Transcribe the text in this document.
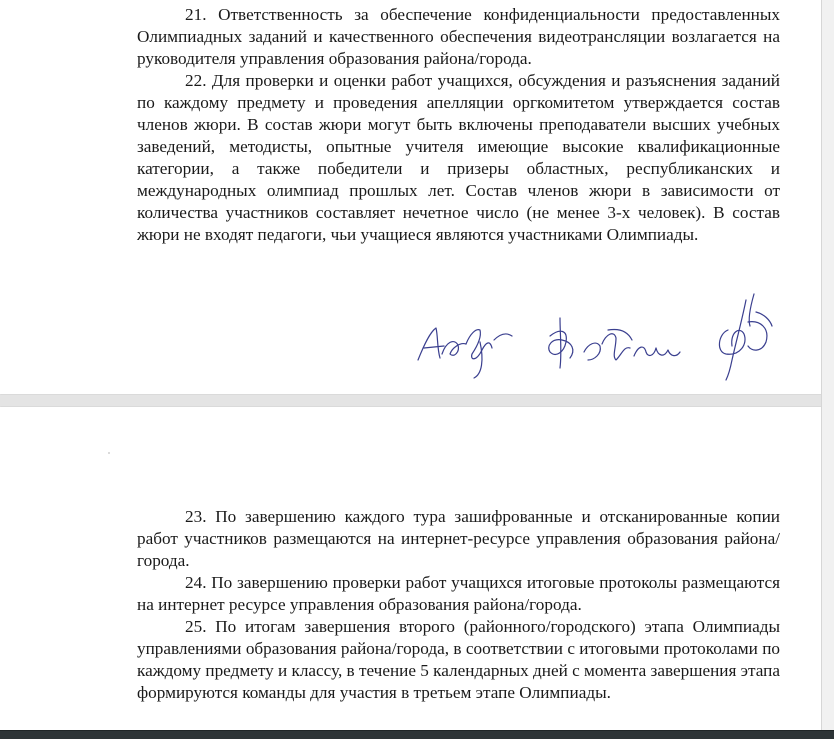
21. Ответственность за обеспечение конфиденциальности предоставленных Олимпиадных заданий и качественного обеспечения видеотрансляции возлагается на руководителя управления образования района/города.

22. Для проверки и оценки работ учащихся, обсуждения и разъяснения заданий по каждому предмету и проведения апелляции оргкомитетом утверждается состав членов жюри. В состав жюри могут быть включены преподаватели высших учебных заведений, методисты, опытные учителя имеющие высокие квалификационные категории, а также победители и призеры областных, республиканских и международных олимпиад прошлых лет. Состав членов жюри в зависимости от количества участников составляет нечетное число (не менее 3-х человек). В состав жюри не входят педагоги, чьи учащиеся являются участниками Олимпиады.

23. По завершению каждого тура зашифрованные и отсканированные копии работ участников размещаются на интернет-ресурсе управления образования района/города.

24. По завершению проверки работ учащихся итоговые протоколы размещаются на интернет ресурсе управления образования района/города.

25. По итогам завершения второго (районного/городского) этапа Олимпиады управлениями образования района/города, в соответствии с итоговыми протоколами по каждому предмету и классу, в течение 5 календарных дней с момента завершения этапа формируются команды для участия в третьем этапе Олимпиады.
